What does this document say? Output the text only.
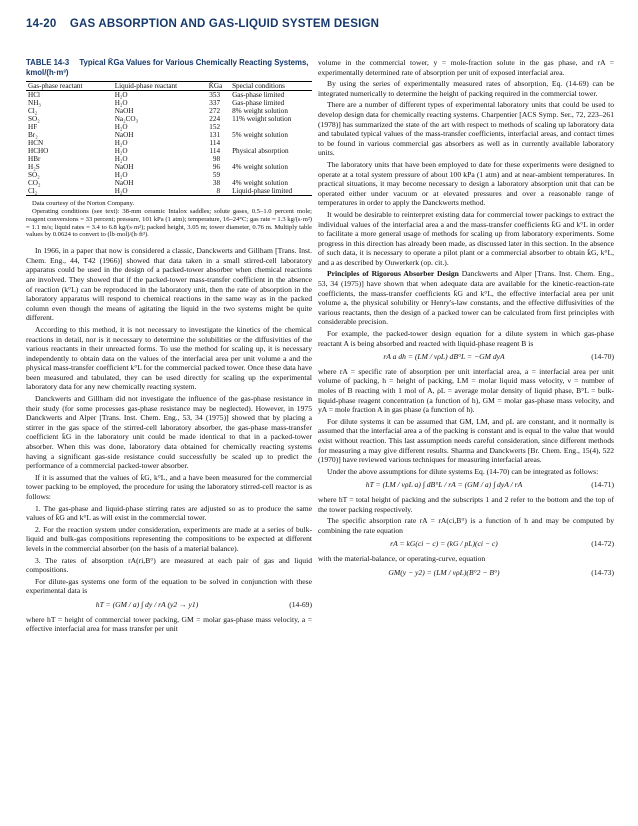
14-20 GAS ABSORPTION AND GAS-LIQUID SYSTEM DESIGN
TABLE 14-3 Typical K̄Ga Values for Various Chemically Reacting Systems, kmol/(h·m³)
Gas-phase reactant	Liquid-phase reactant	K̄Ga	Special conditions
HCl	H₂O	353	Gas-phase limited
NH₃	H₂O	337	Gas-phase limited
Cl₂	NaOH	272	8% weight solution
SO₂	Na₂CO₃	224	11% weight solution
HF	H₂O	152	
Br₂	NaOH	131	5% weight solution
HCN	H₂O	114	
HCHO	H₂O	114	Physical absorption
HBr	H₂O	98	
H₂S	NaOH	96	4% weight solution
SO₂	H₂O	59	
CO₂	NaOH	38	4% weight solution
Cl₂	H₂O	8	Liquid-phase limited
Data courtesy of the Norton Company.
Operating conditions (see text): 38-mm ceramic Intalox saddles; solute gases, 0.5–1.0 percent mole; reagent conversions = 33 percent; pressure, 101 kPa (1 atm); temperature, 16–24°C; gas rate = 1.3 kg/(s·m²) = 1.1 m/s; liquid rates = 3.4 to 6.8 kg/(s·m²); packed height, 3.05 m; tower diameter, 0.76 m. Multiply table values by 0.0624 to convert to (lb·mol)/(h·ft³).

In 1966, in a paper that now is considered a classic, Danckwerts and Gillham [Trans. Inst. Chem. Eng., 44, T42 (1966)] showed that data taken in a small stirred-cell laboratory apparatus could be used in the design of a packed-tower absorber when chemical reactions are involved. They showed that if the packed-tower mass-transfer coefficient in the absence of reaction (k°L) can be reproduced in the laboratory unit, then the rate of absorption in the laboratory apparatus will respond to chemical reactions in the same way as in the packed column even though the means of agitating the liquid in the two systems might be quite different.

According to this method, it is not necessary to investigate the kinetics of the chemical reactions in detail, nor is it necessary to determine the solubilities or the diffusivities of the various reactants in their unreacted forms. To use the method for scaling up, it is necessary independently to obtain data on the values of the interfacial area per unit volume a and the physical mass-transfer coefficient k°L for the commercial packed tower. Once these data have been measured and tabulated, they can be used directly for scaling up the experimental laboratory data for any new chemically reacting system.

Danckwerts and Gillham did not investigate the influence of the gas-phase resistance in their study (for some processes gas-phase resistance may be neglected). However, in 1975 Danckwerts and Alper [Trans. Inst. Chem. Eng., 53, 34 (1975)] showed that by placing a stirrer in the gas space of the stirred-cell laboratory absorber, the gas-phase mass-transfer coefficient k̄G in the laboratory unit could be made identical to that in a packed-tower absorber. When this was done, laboratory data obtained for chemically reacting systems having a significant gas-side resistance could successfully be scaled up to predict the performance of a commercial packed-tower absorber.

If it is assumed that the values of k̄G, k°L, and a have been measured for the commercial tower packing to be employed, the procedure for using the laboratory stirred-cell reactor is as follows:

1. The gas-phase and liquid-phase stirring rates are adjusted so as to produce the same values of k̄G and k°L as will exist in the commercial tower.
2. For the reaction system under consideration, experiments are made at a series of bulk-liquid and bulk-gas compositions representing the compositions to be expected at different levels in the commercial absorber (on the basis of a material balance).
3. The rates of absorption rA(ri,B°) are measured at each pair of gas and liquid compositions.

For dilute-gas systems one form of the equation to be solved in conjunction with these experimental data is

hT = (GM / a) ∫ dy / rA (y2 → y1)	(14-69)

where hT = height of commercial tower packing, GM = molar gas-phase mass velocity, a = effective interfacial area for mass transfer per unit

volume in the commercial tower, y = mole-fraction solute in the gas phase, and rA = experimentally determined rate of absorption per unit of exposed interfacial area.

By using the series of experimentally measured rates of absorption, Eq. (14-69) can be integrated numerically to determine the height of packing required in the commercial tower.

There are a number of different types of experimental laboratory units that could be used to develop design data for chemically reacting systems. Charpentier [ACS Symp. Ser., 72, 223–261 (1978)] has summarized the state of the art with respect to methods of scaling up laboratory data and tabulated typical values of the mass-transfer coefficients, interfacial areas, and contact times to be found in various commercial gas absorbers as well as in currently available laboratory units.

The laboratory units that have been employed to date for these experiments were designed to operate at a total system pressure of about 100 kPa (1 atm) and at near-ambient temperatures. In practical situations, it may become necessary to design a laboratory absorption unit that can be operated either under vacuum or at elevated pressures and over a reasonable range of temperatures in order to apply the Danckwerts method.

It would be desirable to reinterpret existing data for commercial tower packings to extract the individual values of the interfacial area a and the mass-transfer coefficients k̄G and k°L in order to facilitate a more general usage of methods for scaling up from laboratory experiments. Some progress in this direction has already been made, as discussed later in this section. In the absence of such data, it is necessary to operate a pilot plant or a commercial absorber to obtain k̄G, k°L, and a as described by Ouwerkerk (op. cit.).

Principles of Rigorous Absorber Design Danckwerts and Alper [Trans. Inst. Chem. Eng., 53, 34 (1975)] have shown that when adequate data are available for the kinetic-reaction-rate coefficients, the mass-transfer coefficients k̄G and k°L, the effective interfacial area per unit volume a, the physical solubility or Henry's-law constants, and the effective diffusivities of the various reactants, then the design of a packed tower can be calculated from first principles with considerable precision.

For example, the packed-tower design equation for a dilute system in which gas-phase reactant A is being absorbed and reacted with liquid-phase reagent B is

rA a dh = (LM / νρL) dB°L = −GM dyA	(14-70)

where rA = specific rate of absorption per unit interfacial area, a = interfacial area per unit volume of packing, h = height of packing, LM = molar liquid mass velocity, ν = number of moles of B reacting with 1 mol of A, ρL = average molar density of liquid phase, B°L = bulk-liquid-phase reagent concentration (a function of h), GM = molar gas-phase mass velocity, and yA = mole fraction A in gas phase (a function of h).

For dilute systems it can be assumed that GM, LM, and ρL are constant, and it normally is assumed that the interfacial area a of the packing is constant and is equal to the value that would exist without reaction. This last assumption needs careful consideration, since different methods for measuring a may give different results. Sharma and Danckwerts [Br. Chem. Eng., 15(4), 522 (1970)] have reviewed various techniques for measuring interfacial areas.

Under the above assumptions for dilute systems Eq. (14-70) can be integrated as follows:

hT = (LM / νρL a) ∫ dB°L / rA = (GM / a) ∫ dyA / rA	(14-71)

where hT = total height of packing and the subscripts 1 and 2 refer to the bottom and the top of the tower packing respectively.

The specific absorption rate rA = rA(ci,B°) is a function of h and may be computed by combining the rate equation

rA = kG(ci − c) = (kG / pL)(ci − c)	(14-72)

with the material-balance, or operating-curve, equation

GM(y − y2) = (LM / νρL)(B°2 − B°)	(14-73)
